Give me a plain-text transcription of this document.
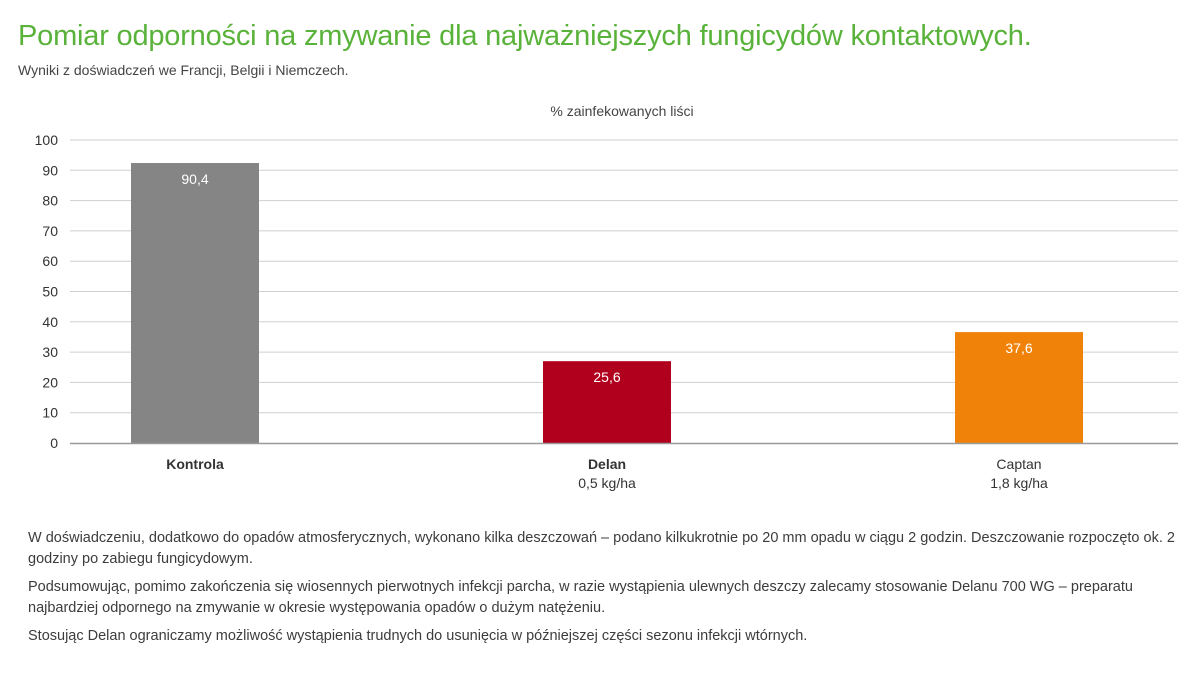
Pomiar odporności na zmywanie dla najważniejszych fungicydów kontaktowych.
Wyniki z doświadczeń we Francji, Belgii i Niemczech.
% zainfekowanych liści
0
10
20
30
40
50
60
70
80
90
100
90,4
25,6
37,6
Kontrola	Delan
0,5 kg/ha
Captan
1,8 kg/ha

W doświadczeniu, dodatkowo do opadów atmosferycznych, wykonano kilka deszczowań – podano kilkukrotnie po 20 mm opadu w ciągu 2 godzin. Deszczowanie rozpoczęto ok. 2 godziny po zabiegu fungicydowym.

Podsumowując, pomimo zakończenia się wiosennych pierwotnych infekcji parcha, w razie wystąpienia ulewnych deszczy zalecamy stosowanie Delanu 700 WG – preparatu najbardziej odpornego na zmywanie w okresie występowania opadów o dużym natężeniu.

Stosując Delan ograniczamy możliwość wystąpienia trudnych do usunięcia w późniejszej części sezonu infekcji wtórnych.
